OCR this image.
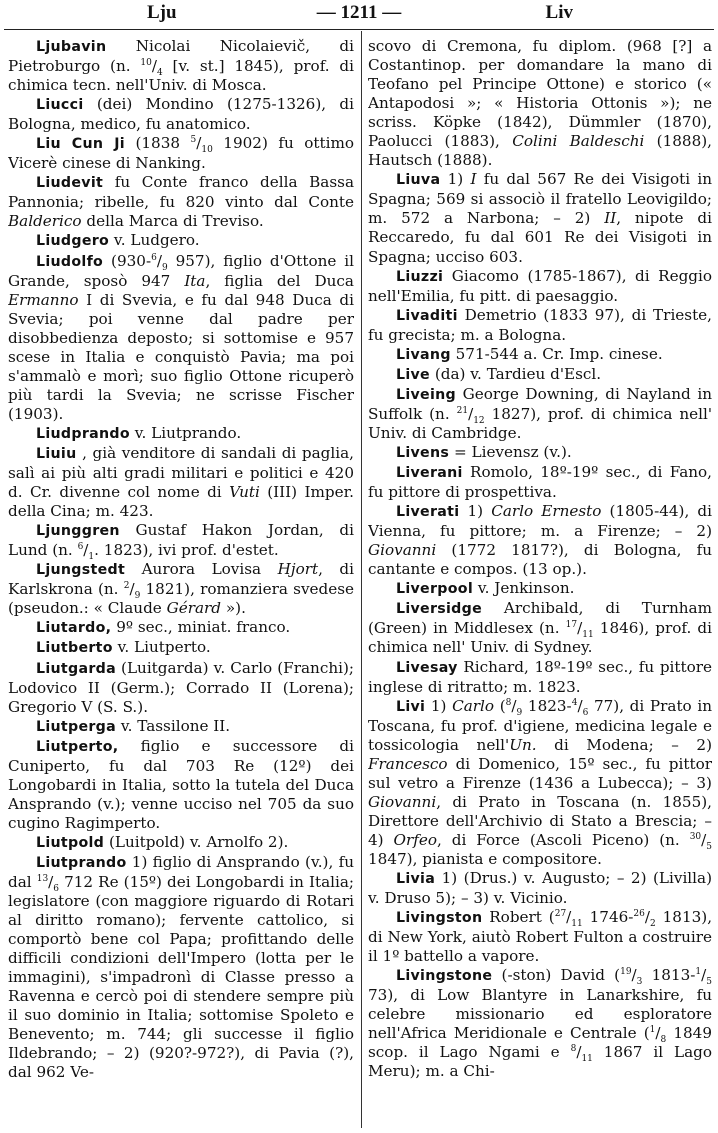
Lju	— 1211 —	Liv

Ljubavin Nicolai Nicolaievič, di Pietroburgo (n. $^{10}/_4$ [v. st.] 1845), prof. di chimica tecn. nell'Univ. di Mosca.

Liucci (dei) Mondino (1275-1326), di Bologna, medico, fu anatomico.

Liu Cun Ji (1838 $^5/_{10}$ 1902) fu ottimo Vicerè cinese di Nanking.

Liudevit fu Conte franco della Bassa Pannonia; ribelle, fu 820 vinto dal Conte Balderico della Marca di Treviso.

Liudgero v. Ludgero.

Liudolfo ($930-^6/_9$ 957), figlio d'Ottone il Grande, sposò 947 Ita, figlia del Duca Ermanno I di Svevia, e fu dal 948 Duca di Svevia; poi venne dal padre per disobbedienza deposto; si sottomise e 957 scese in Italia e conquistò Pavia; ma poi s'ammalò e morì; suo figlio Ottone ricuperò più tardi la Svevia; ne scrisse Fischer (1903).

Liudprando v. Liutprando.

Liuiu , già venditore di sandali di paglia, salì ai più alti gradi militari e politici e 420 d. Cr. divenne col nome di Vuti (III) Imper. della Cina; m. 423.

Ljunggren Gustaf Hakon Jordan, di Lund (n. $^6/_1$. 1823), ivi prof. d'estet.

Ljungstedt Aurora Lovisa Hjort, di Karlskrona (n. $^2/_9$ 1821), romanziera svedese (pseudon.: « Claude Gérard »).

Liutardo, 9º sec., miniat. franco.

Liutberto v. Liutperto.

Liutgarda (Luitgarda) v. Carlo (Franchi); Lodovico II (Germ.); Corrado II (Lorena); Gregorio V (S. S.).

Liutperga v. Tassilone II.

Liutperto, figlio e successore di Cuniperto, fu dal 703 Re (12º) dei Longobardi in Italia, sotto la tutela del Duca Ansprando (v.); venne ucciso nel 705 da suo cugino Ragimperto.

Liutpold (Luitpold) v. Arnolfo 2).

Liutprando 1) figlio di Ansprando (v.), fu dal $^{13}/_6$ 712 Re (15º) dei Longobardi in Italia; legislatore (con maggiore riguardo di Rotari al diritto romano); fervente cattolico, si comportò bene col Papa; profittando delle difficili condizioni dell'Impero (lotta per le immagini), s'impadronì di Classe presso a Ravenna e cercò poi di stendere sempre più il suo dominio in Italia; sottomise Spoleto e Benevento; m. 744; gli successe il figlio Ildebrando; – 2) (920?-972?), di Pavia (?), dal 962 Ve-

scovo di Cremona, fu diplom. (968 [?] a Costantinop. per domandare la mano di Teofano pel Principe Ottone) e storico (« Antapodosi »; « Historia Ottonis »); ne scriss. Köpke (1842), Dümmler (1870), Paolucci (1883), Colini Baldeschi (1888), Hautsch (1888).

Liuva 1) I fu dal 567 Re dei Visigoti in Spagna; 569 si associò il fratello Leovigildo; m. 572 a Narbona; – 2) II, nipote di Reccaredo, fu dal 601 Re dei Visigoti in Spagna; ucciso 603.

Liuzzi Giacomo (1785-1867), di Reggio nell'Emilia, fu pitt. di paesaggio.

Livaditi Demetrio (1833 97), di Trieste, fu grecista; m. a Bologna.

Livang 571-544 a. Cr. Imp. cinese.

Live (da) v. Tardieu d'Escl.

Liveing George Downing, di Nayland in Suffolk (n. $^{21}/_{12}$ 1827), prof. di chimica nell' Univ. di Cambridge.

Livens = Lievensz (v.).

Liverani Romolo, 18º-19º sec., di Fano, fu pittore di prospettiva.

Liverati 1) Carlo Ernesto (1805-44), di Vienna, fu pittore; m. a Firenze; – 2) Giovanni (1772 1817?), di Bologna, fu cantante e compos. (13 op.).

Liverpool v. Jenkinson.

Liversidge Archibald, di Turnham (Green) in Middlesex (n. $^{17}/_{11}$ 1846), prof. di chimica nell' Univ. di Sydney.

Livesay Richard, 18º-19º sec., fu pittore inglese di ritratto; m. 1823.

Livi 1) Carlo ($^8/_9$ $1823-^4/_6$ 77), di Prato in Toscana, fu prof. d'igiene, medicina legale e tossicologia nell'Un. di Modena; – 2) Francesco di Domenico, 15º sec., fu pittor sul vetro a Firenze (1436 a Lubecca); – 3) Giovanni, di Prato in Toscana (n. 1855), Direttore dell'Archivio di Stato a Brescia; – 4) Orfeo, di Force (Ascoli Piceno) (n. $^{30}/_5$ 1847), pianista e compositore.

Livia 1) (Drus.) v. Augusto; – 2) (Livilla) v. Druso 5); – 3) v. Vicinio.

Livingston Robert ($^{27}/_{11}$ $1746-^{26}/_2$ 1813), di New York, aiutò Robert Fulton a costruire il 1º battello a vapore.

Livingstone (-ston) David ($^{19}/_3$ $1813-^1/_5$ 73), di Low Blantyre in Lanarkshire, fu celebre missionario ed esploratore nell'Africa Meridionale e Centrale ($^1/_8$ 1849 scop. il Lago Ngami e $^8/_{11}$ 1867 il Lago Meru); m. a Chi-
